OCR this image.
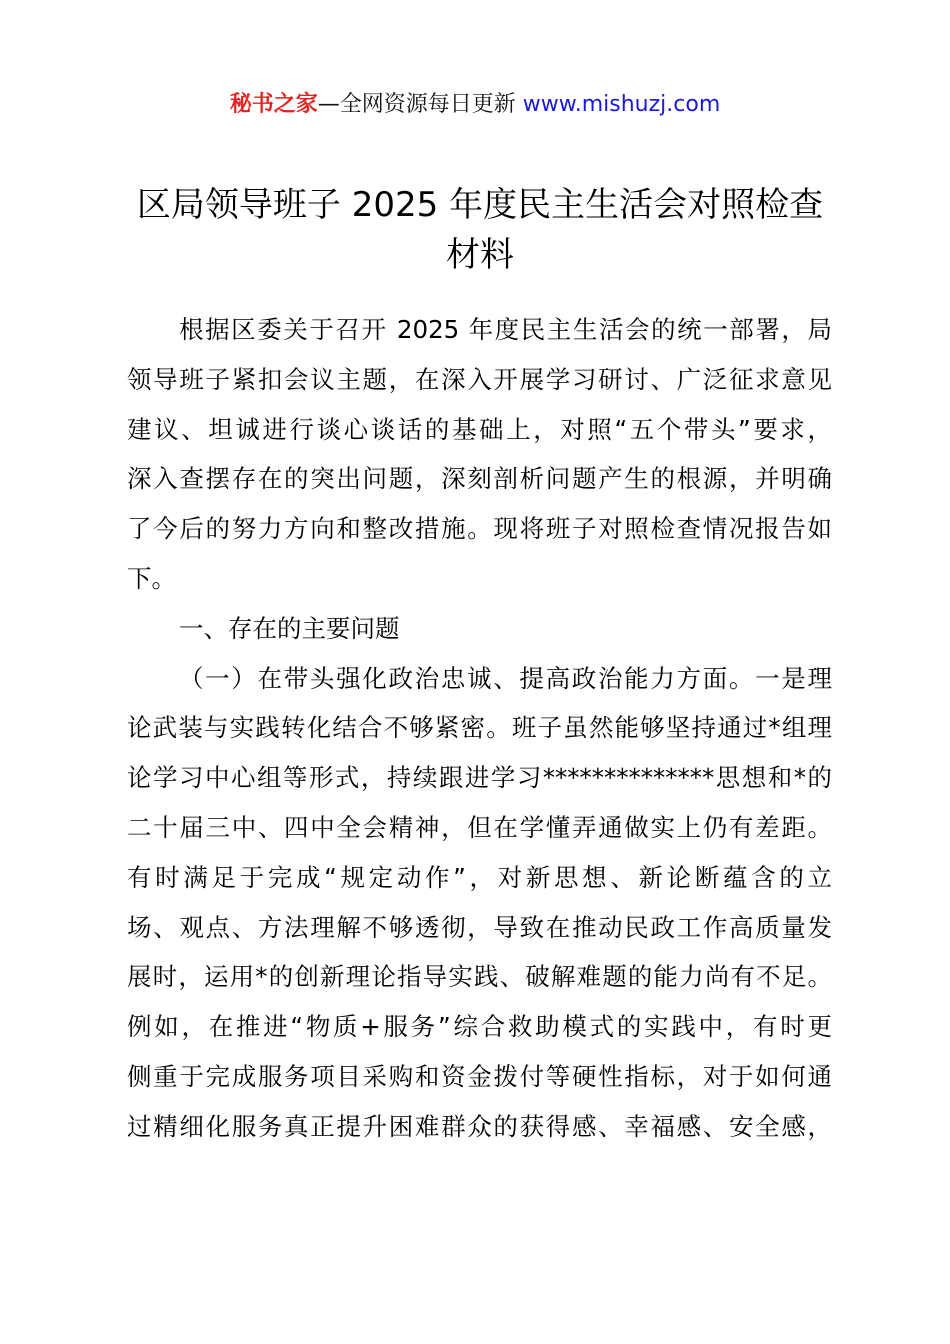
秘书之家—全网资源每日更新 www.mishuzj.com
区局领导班子 2025 年度民主生活会对照检查
材料
根据区委关于召开 2025 年度民主生活会的统一部署，局
领导班子紧扣会议主题，在深入开展学习研讨、广泛征求意见
建议、坦诚进行谈心谈话的基础上，对照“五个带头”要求，
深入查摆存在的突出问题，深刻剖析问题产生的根源，并明确
了今后的努力方向和整改措施。现将班子对照检查情况报告如
下。
一、存在的主要问题
（一）在带头强化政治忠诚、提高政治能力方面。一是理
论武装与实践转化结合不够紧密。班子虽然能够坚持通过*组理
论学习中心组等形式，持续跟进学习**************思想和*的
二十届三中、四中全会精神，但在学懂弄通做实上仍有差距。
有时满足于完成“规定动作”，对新思想、新论断蕴含的立
场、观点、方法理解不够透彻，导致在推动民政工作高质量发
展时，运用*的创新理论指导实践、破解难题的能力尚有不足。
例如，在推进“物质+服务”综合救助模式的实践中，有时更
侧重于完成服务项目采购和资金拨付等硬性指标，对于如何通
过精细化服务真正提升困难群众的获得感、幸福感、安全感，
